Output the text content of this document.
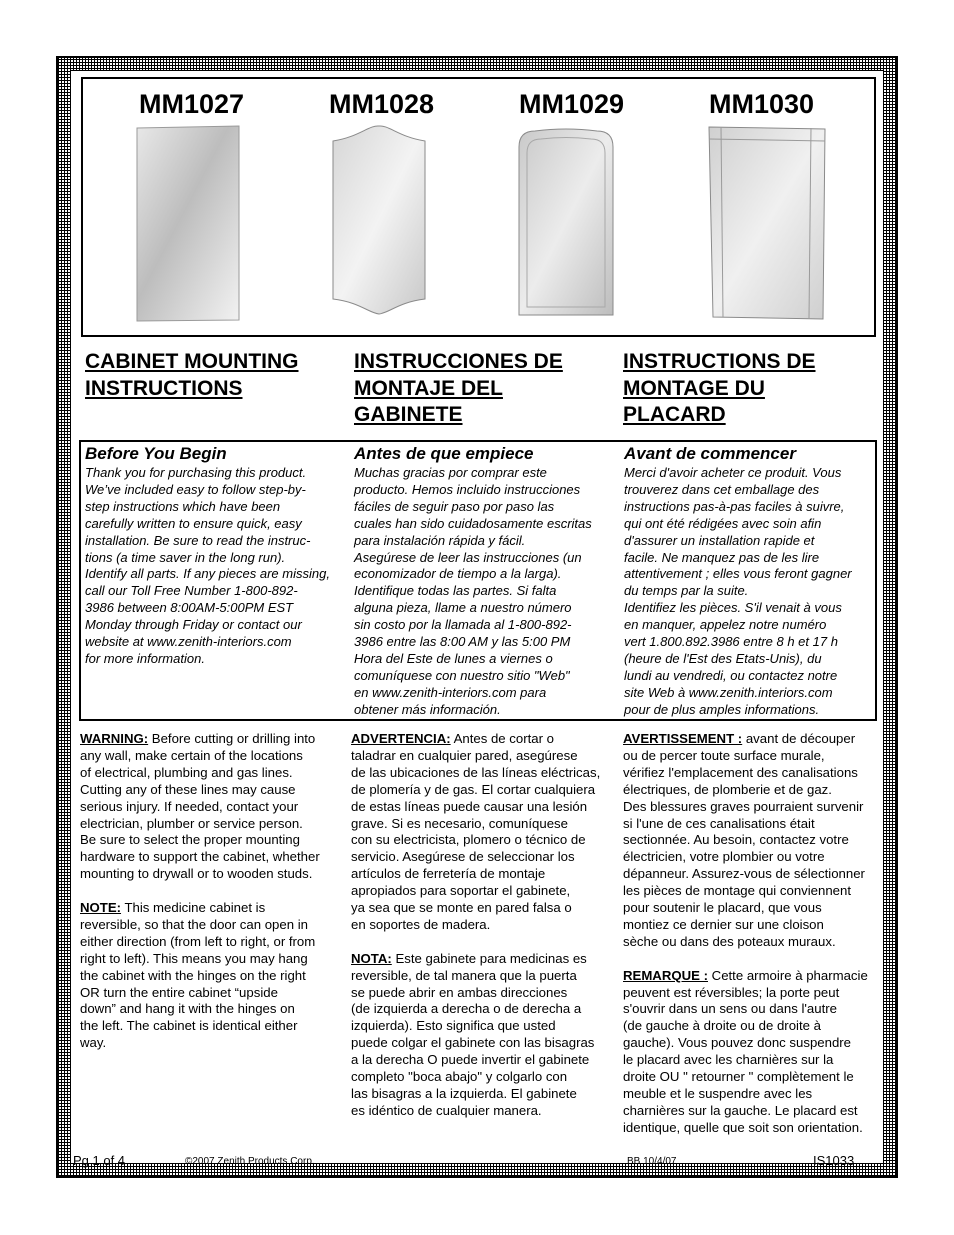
MM1027	MM1028	MM1029	MM1030
CABINET MOUNTING
INSTRUCTIONS
INSTRUCCIONES DE
MONTAJE DEL
GABINETE
INSTRUCTIONS DE
MONTAGE DU
PLACARD
Before You Begin
Thank you for purchasing this product.
We’ve included easy to follow step-by-
step instructions which have been
carefully written to ensure quick, easy
installation. Be sure to read the instruc-
tions (a time saver in the long run).
Identify all parts. If any pieces are missing,
call our Toll Free Number 1-800-892-
3986 between 8:00AM-5:00PM EST
Monday through Friday or contact our
website at www.zenith-interiors.com
for more information.
Antes de que empiece
Muchas gracias por comprar este
producto. Hemos incluido instrucciones
fáciles de seguir paso por paso las
cuales han sido cuidadosamente escritas
para instalación rápida y fácil.
Asegúrese de leer las instrucciones (un
economizador de tiempo a la larga).
Identifique todas las partes. Si falta
alguna pieza, llame a nuestro número
sin costo por la llamada al 1-800-892-
3986 entre las 8:00 AM y las 5:00 PM
Hora del Este de lunes a viernes o
comuníquese con nuestro sitio "Web"
en www.zenith-interiors.com para
obtener más información.
Avant de commencer
Merci d'avoir acheter ce produit. Vous
trouverez dans cet emballage des
instructions pas-à-pas faciles à suivre,
qui ont été rédigées avec soin afin
d'assurer un installation rapide et
facile. Ne manquez pas de les lire
attentivement ; elles vous feront gagner
du temps par la suite.
Identifiez les pièces. S'il venait à vous
en manquer, appelez notre numéro
vert 1.800.892.3986 entre 8 h et 17 h
(heure de l'Est des Etats-Unis), du
lundi au vendredi, ou contactez notre
site Web à www.zenith.interiors.com
pour de plus amples informations.

WARNING: Before cutting or drilling into
any wall, make certain of the locations
of electrical, plumbing and gas lines.
Cutting any of these lines may cause
serious injury. If needed, contact your
electrician, plumber or service person.
Be sure to select the proper mounting
hardware to support the cabinet, whether
mounting to drywall or to wooden studs.

NOTE: This medicine cabinet is
reversible, so that the door can open in
either direction (from left to right, or from
right to left). This means you may hang
the cabinet with the hinges on the right
OR turn the entire cabinet “upside
down” and hang it with the hinges on
the left. The cabinet is identical either
way.

ADVERTENCIA: Antes de cortar o
taladrar en cualquier pared, asegúrese
de las ubicaciones de las líneas eléctricas,
de plomería y de gas. El cortar cualquiera
de estas líneas puede causar una lesión
grave. Si es necesario, comuníquese
con su electricista, plomero o técnico de
servicio. Asegúrese de seleccionar los
artículos de ferretería de montaje
apropiados para soportar el gabinete,
ya sea que se monte en pared falsa o
en soportes de madera.

NOTA: Este gabinete para medicinas es
reversible, de tal manera que la puerta
se puede abrir en ambas direcciones
(de izquierda a derecha o de derecha a
izquierda). Esto significa que usted
puede colgar el gabinete con las bisagras
a la derecha O puede invertir el gabinete
completo "boca abajo" y colgarlo con
las bisagras a la izquierda. El gabinete
es idéntico de cualquier manera.

AVERTISSEMENT : avant de découper
ou de percer toute surface murale,
vérifiez l'emplacement des canalisations
électriques, de plomberie et de gaz.
Des blessures graves pourraient survenir
si l'une de ces canalisations était
sectionnée. Au besoin, contactez votre
électricien, votre plombier ou votre
dépanneur. Assurez-vous de sélectionner
les pièces de montage qui conviennent
pour soutenir le placard, que vous
montiez ce dernier sur une cloison
sèche ou dans des poteaux muraux.

REMARQUE : Cette armoire à pharmacie
peuvent est réversibles; la porte peut
s'ouvrir dans un sens ou dans l'autre
(de gauche à droite ou de droite à
gauche). Vous pouvez donc suspendre
le placard avec les charnières sur la
droite OU " retourner " complètement le
meuble et le suspendre avec les
charnières sur la gauche. Le placard est
identique, quelle que soit son orientation.

Pg 1 of 4	©2007 Zenith Products Corp.	BB 10/4/07	IS1033
